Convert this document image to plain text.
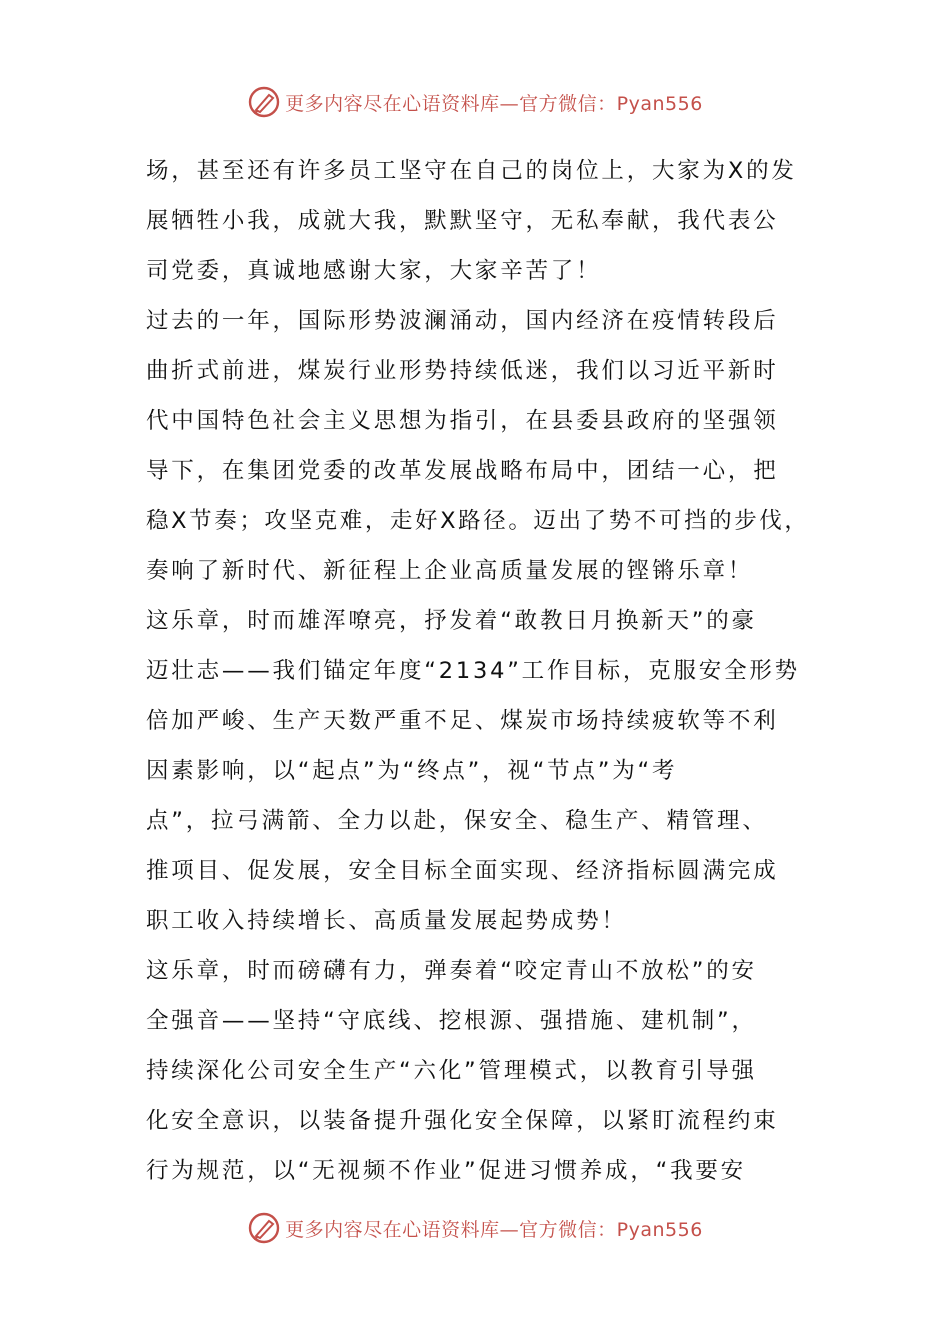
更多内容尽在心语资料库—官方微信：Pyan556
场，甚至还有许多员工坚守在自己的岗位上，大家为X的发
展牺牲小我，成就大我，默默坚守，无私奉献，我代表公
司党委，真诚地感谢大家，大家辛苦了！
过去的一年，国际形势波澜涌动，国内经济在疫情转段后
曲折式前进，煤炭行业形势持续低迷，我们以习近平新时
代中国特色社会主义思想为指引，在县委县政府的坚强领
导下，在集团党委的改革发展战略布局中，团结一心，把
稳X节奏；攻坚克难，走好X路径。迈出了势不可挡的步伐，
奏响了新时代、新征程上企业高质量发展的铿锵乐章！
这乐章，时而雄浑嘹亮，抒发着“敢教日月换新天”的豪
迈壮志——我们锚定年度“2134”工作目标，克服安全形势
倍加严峻、生产天数严重不足、煤炭市场持续疲软等不利
因素影响，以“起点”为“终点”，视“节点”为“考
点”，拉弓满箭、全力以赴，保安全、稳生产、精管理、
推项目、促发展，安全目标全面实现、经济指标圆满完成
职工收入持续增长、高质量发展起势成势！
这乐章，时而磅礴有力，弹奏着“咬定青山不放松”的安
全强音——坚持“守底线、挖根源、强措施、建机制”，
持续深化公司安全生产“六化”管理模式，以教育引导强
化安全意识，以装备提升强化安全保障，以紧盯流程约束
行为规范，以“无视频不作业”促进习惯养成，“我要安
更多内容尽在心语资料库—官方微信：Pyan556
